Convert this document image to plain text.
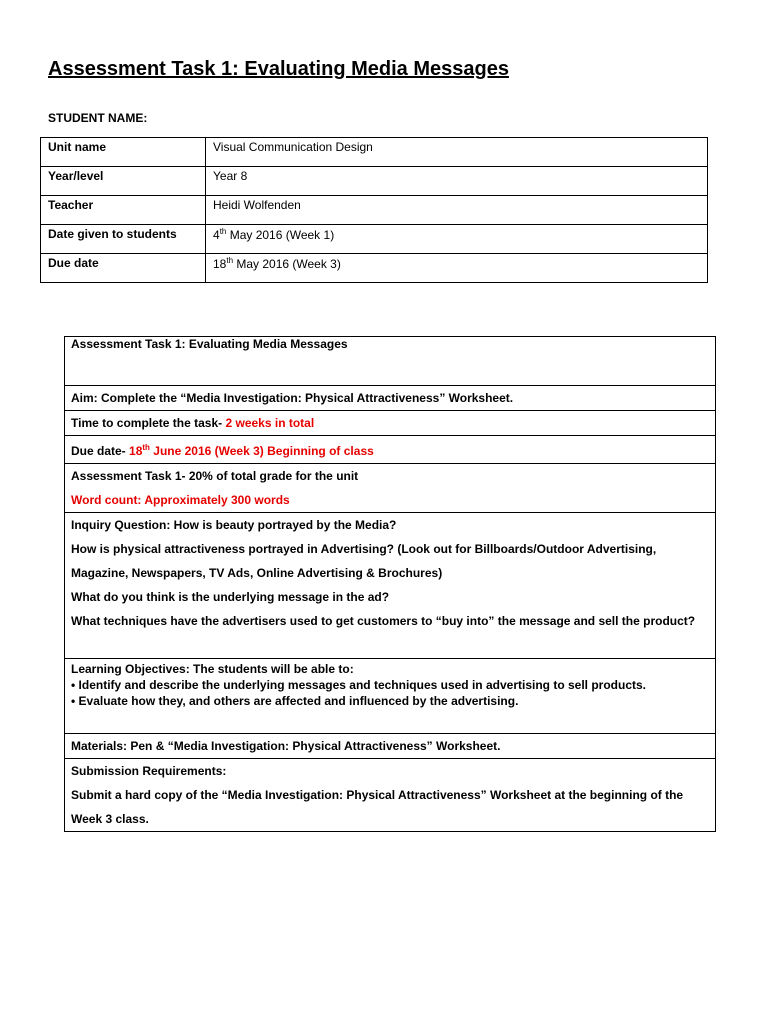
Assessment Task 1: Evaluating Media Messages
STUDENT NAME:
Unit name	Visual Communication Design
Year/level	Year 8
Teacher	Heidi Wolfenden
Date given to students	4th May 2016 (Week 1)
Due date	18th May 2016 (Week 3)
Assessment Task 1: Evaluating Media Messages

Aim: Complete the “Media Investigation: Physical Attractiveness” Worksheet.

Time to complete the task- 2 weeks in total

Due date- 18th June 2016 (Week 3) Beginning of class

Assessment Task 1- 20% of total grade for the unit
Word count: Approximately 300 words

Inquiry Question: How is beauty portrayed by the Media?
How is physical attractiveness portrayed in Advertising? (Look out for Billboards/Outdoor Advertising,
Magazine, Newspapers, TV Ads, Online Advertising & Brochures)
What do you think is the underlying message in the ad?
What techniques have the advertisers used to get customers to “buy into” the message and sell the product?

Learning Objectives: The students will be able to:
• Identify and describe the underlying messages and techniques used in advertising to sell products.
• Evaluate how they, and others are affected and influenced by the advertising.

Materials: Pen & “Media Investigation: Physical Attractiveness” Worksheet.

Submission Requirements:
Submit a hard copy of the “Media Investigation: Physical Attractiveness” Worksheet at the beginning of the
Week 3 class.
